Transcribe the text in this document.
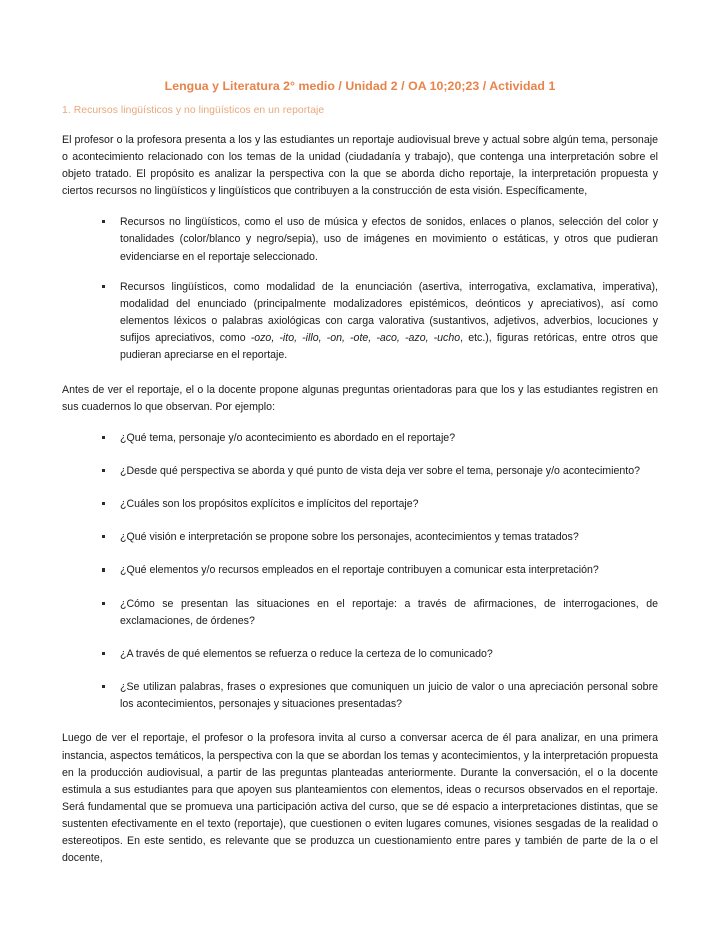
Lengua y Literatura 2° medio / Unidad 2 / OA 10;20;23 / Actividad 1
1. Recursos lingüísticos y no lingüísticos en un reportaje

El profesor o la profesora presenta a los y las estudiantes un reportaje audiovisual breve y actual sobre algún tema, personaje o acontecimiento relacionado con los temas de la unidad (ciudadanía y trabajo), que contenga una interpretación sobre el objeto tratado. El propósito es analizar la perspectiva con la que se aborda dicho reportaje, la interpretación propuesta y ciertos recursos no lingüísticos y lingüísticos que contribuyen a la construcción de esta visión. Específicamente,

Recursos no lingüísticos, como el uso de música y efectos de sonidos, enlaces o planos, selección del color y tonalidades (color/blanco y negro/sepia), uso de imágenes en movimiento o estáticas, y otros que pudieran evidenciarse en el reportaje seleccionado.
Recursos lingüísticos, como modalidad de la enunciación (asertiva, interrogativa, exclamativa, imperativa), modalidad del enunciado (principalmente modalizadores epistémicos, deónticos y apreciativos), así como elementos léxicos o palabras axiológicas con carga valorativa (sustantivos, adjetivos, adverbios, locuciones y sufijos apreciativos, como -ozo, -ito, -illo, -on, -ote, -aco, -azo, -ucho, etc.), figuras retóricas, entre otros que pudieran apreciarse en el reportaje.

Antes de ver el reportaje, el o la docente propone algunas preguntas orientadoras para que los y las estudiantes registren en sus cuadernos lo que observan. Por ejemplo:

¿Qué tema, personaje y/o acontecimiento es abordado en el reportaje?
¿Desde qué perspectiva se aborda y qué punto de vista deja ver sobre el tema, personaje y/o acontecimiento?
¿Cuáles son los propósitos explícitos e implícitos del reportaje?
¿Qué visión e interpretación se propone sobre los personajes, acontecimientos y temas tratados?
¿Qué elementos y/o recursos empleados en el reportaje contribuyen a comunicar esta interpretación?
¿Cómo se presentan las situaciones en el reportaje: a través de afirmaciones, de interrogaciones, de exclamaciones, de órdenes?
¿A través de qué elementos se refuerza o reduce la certeza de lo comunicado?
¿Se utilizan palabras, frases o expresiones que comuniquen un juicio de valor o una apreciación personal sobre los acontecimientos, personajes y situaciones presentadas?

Luego de ver el reportaje, el profesor o la profesora invita al curso a conversar acerca de él para analizar, en una primera instancia, aspectos temáticos, la perspectiva con la que se abordan los temas y acontecimientos, y la interpretación propuesta en la producción audiovisual, a partir de las preguntas planteadas anteriormente. Durante la conversación, el o la docente estimula a sus estudiantes para que apoyen sus planteamientos con elementos, ideas o recursos observados en el reportaje. Será fundamental que se promueva una participación activa del curso, que se dé espacio a interpretaciones distintas, que se sustenten efectivamente en el texto (reportaje), que cuestionen o eviten lugares comunes, visiones sesgadas de la realidad o estereotipos. En este sentido, es relevante que se produzca un cuestionamiento entre pares y también de parte de la o el docente,
